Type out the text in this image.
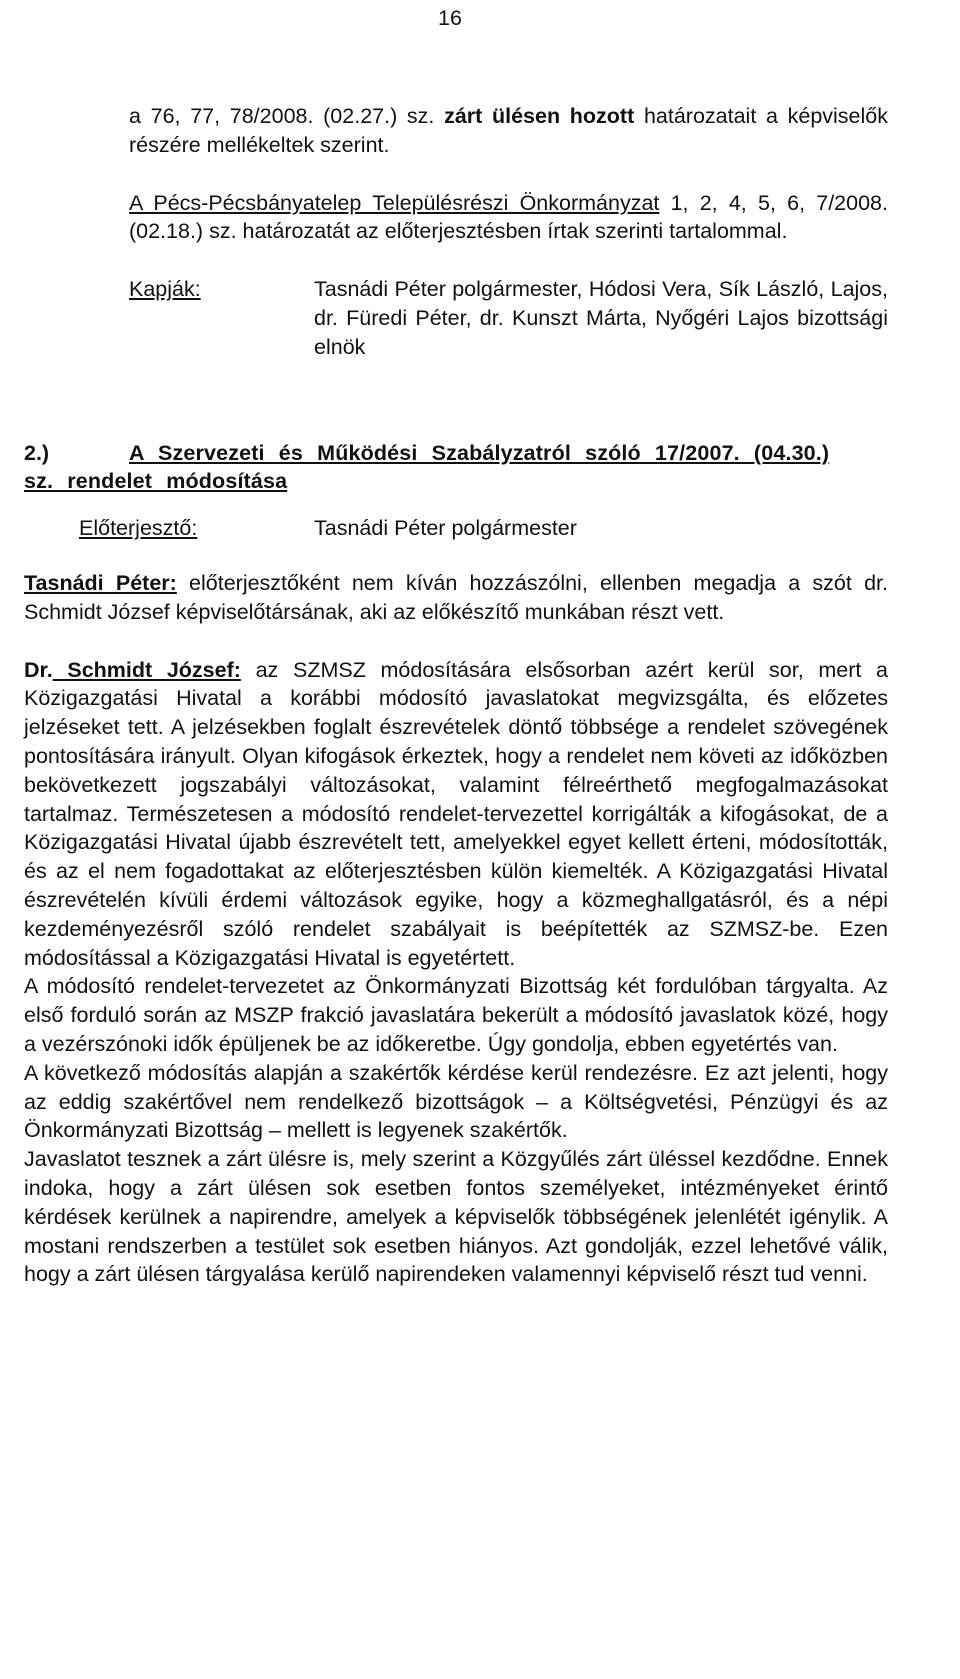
16

a 76, 77, 78/2008. (02.27.) sz. zárt ülésen hozott határozatait a képviselők részére mellékeltek szerint.

A Pécs-Pécsbányatelep Településrészi Önkormányzat 1, 2, 4, 5, 6, 7/2008. (02.18.) sz. határozatát az előterjesztésben írtak szerinti tartalommal.

Kapják:	Tasnádi Péter polgármester, Hódosi Vera, Sík László, Lajos, dr. Füredi Péter, dr. Kunszt Márta, Nyőgéri Lajos bizottsági elnök
2.)	A Szervezeti és Működési Szabályzatról szóló 17/2007. (04.30.)
sz. rendelet módosítása
Előterjesztő:	Tasnádi Péter polgármester

Tasnádi Péter: előterjesztőként nem kíván hozzászólni, ellenben megadja a szót dr. Schmidt József képviselőtársának, aki az előkészítő munkában részt vett.

Dr. Schmidt József: az SZMSZ módosítására elsősorban azért kerül sor, mert a Közigazgatási Hivatal a korábbi módosító javaslatokat megvizsgálta, és előzetes jelzéseket tett. A jelzésekben foglalt észrevételek döntő többsége a rendelet szövegének pontosítására irányult. Olyan kifogások érkeztek, hogy a rendelet nem követi az időközben bekövetkezett jogszabályi változásokat, valamint félreérthető megfogalmazásokat tartalmaz. Természetesen a módosító rendelet-tervezettel korrigálták a kifogásokat, de a Közigazgatási Hivatal újabb észrevételt tett, amelyekkel egyet kellett érteni, módosították, és az el nem fogadottakat az előterjesztésben külön kiemelték. A Közigazgatási Hivatal észrevételén kívüli érdemi változások egyike, hogy a közmeghallgatásról, és a népi kezdeményezésről szóló rendelet szabályait is beépítették az SZMSZ-be. Ezen módosítással a Közigazgatási Hivatal is egyetértett.

A módosító rendelet-tervezetet az Önkormányzati Bizottság két fordulóban tárgyalta. Az első forduló során az MSZP frakció javaslatára bekerült a módosító javaslatok közé, hogy a vezérszónoki idők épüljenek be az időkeretbe. Úgy gondolja, ebben egyetértés van.

A következő módosítás alapján a szakértők kérdése kerül rendezésre. Ez azt jelenti, hogy az eddig szakértővel nem rendelkező bizottságok – a Költségvetési, Pénzügyi és az Önkormányzati Bizottság – mellett is legyenek szakértők.

Javaslatot tesznek a zárt ülésre is, mely szerint a Közgyűlés zárt üléssel kezdődne. Ennek indoka, hogy a zárt ülésen sok esetben fontos személyeket, intézményeket érintő kérdések kerülnek a napirendre, amelyek a képviselők többségének jelenlétét igénylik. A mostani rendszerben a testület sok esetben hiányos. Azt gondolják, ezzel lehetővé válik, hogy a zárt ülésen tárgyalása kerülő napirendeken valamennyi képviselő részt tud venni.
